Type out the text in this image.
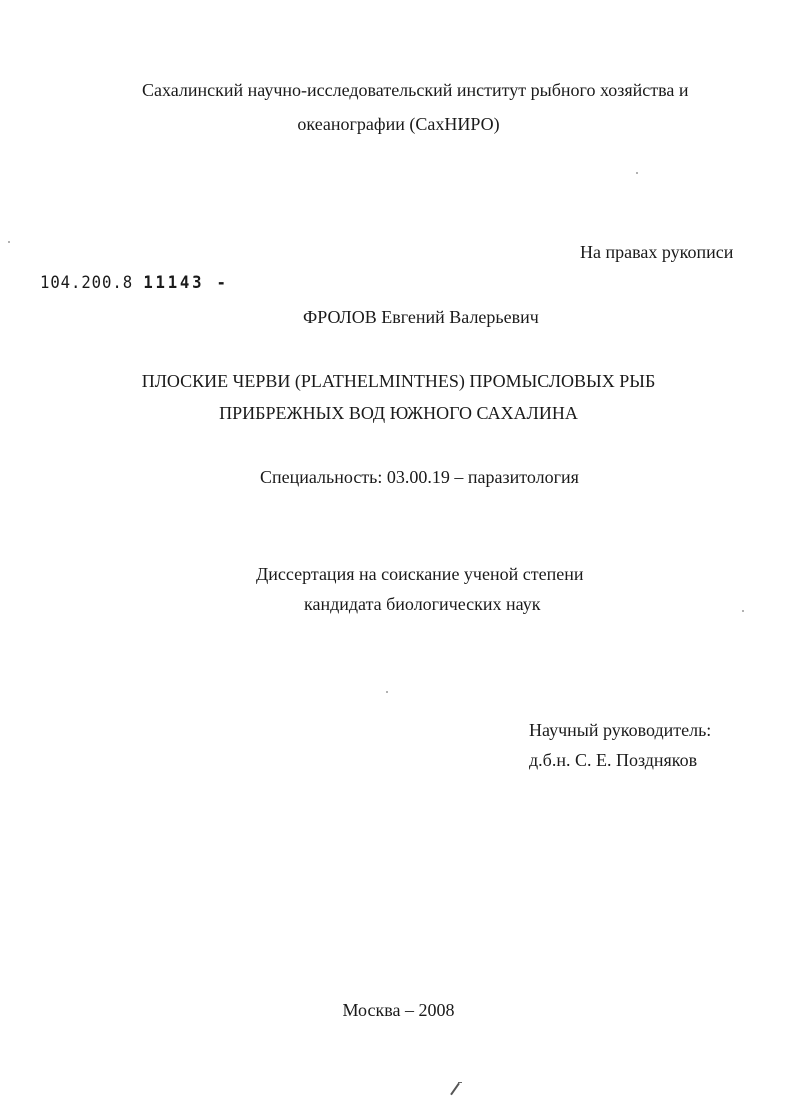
Сахалинский научно-исследовательский институт рыбного хозяйства и
океанографии (СахНИРО)
На правах рукописи
104.200.8 11143 -
ФРОЛОВ Евгений Валерьевич
ПЛОСКИЕ ЧЕРВИ (PLATHELMINTHES) ПРОМЫСЛОВЫХ РЫБ
ПРИБРЕЖНЫХ ВОД ЮЖНОГО САХАЛИНА
Специальность: 03.00.19 – паразитология
Диссертация на соискание ученой степени
кандидата биологических наук
Научный руководитель:
д.б.н. С. Е. Поздняков
Москва – 2008
